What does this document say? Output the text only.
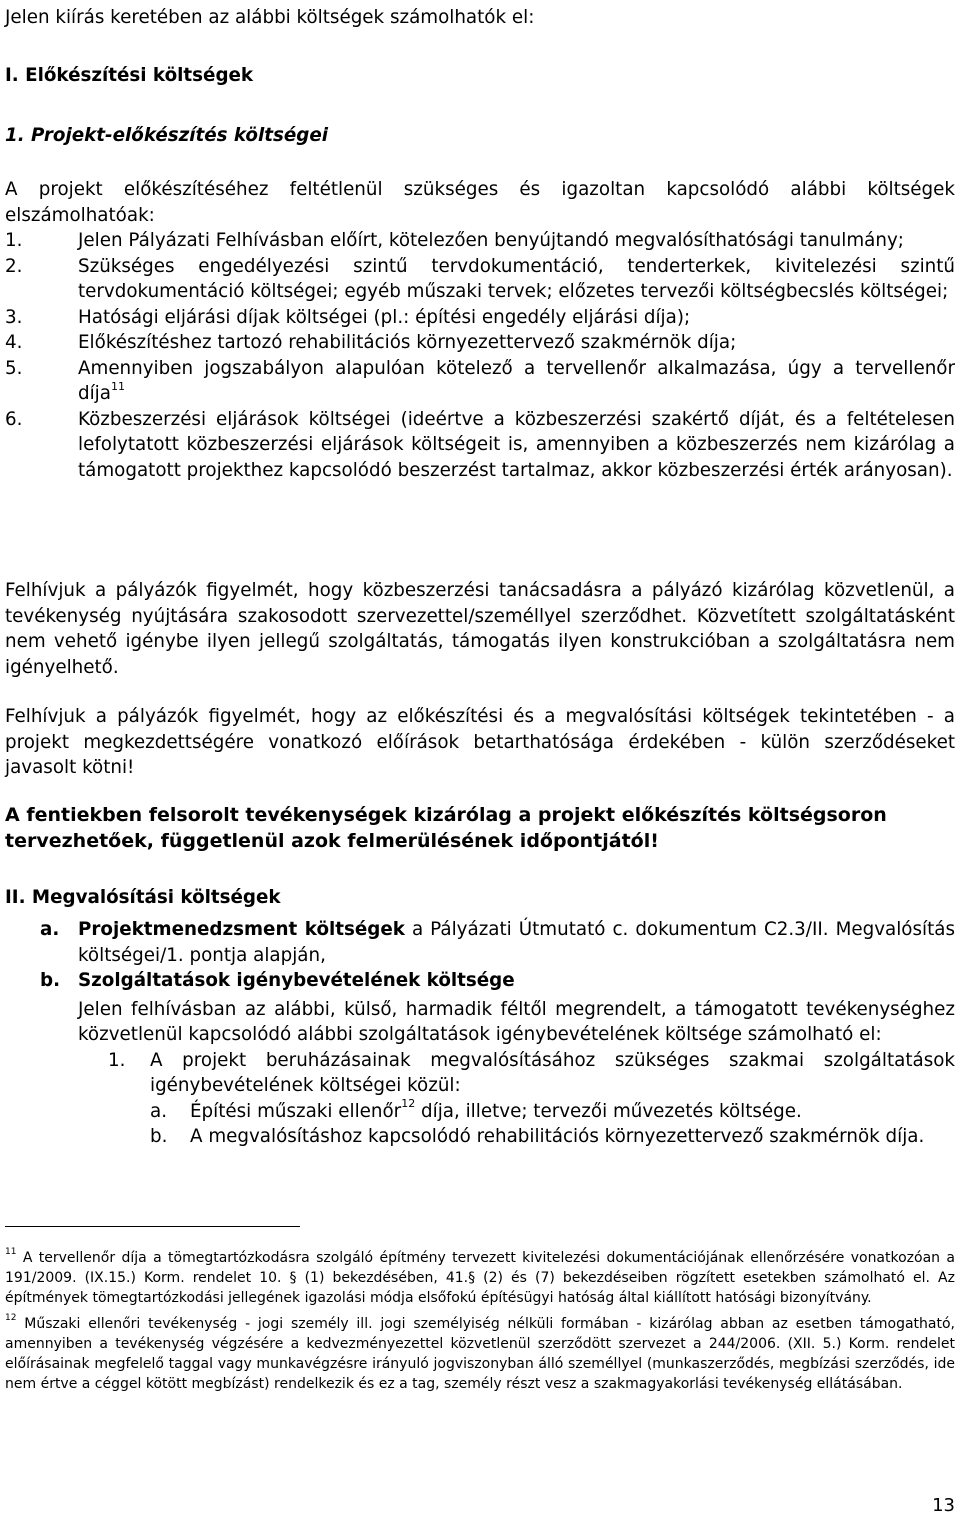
Jelen kiírás keretében az alábbi költségek számolhatók el:

I. Előkészítési költségek

1. Projekt-előkészítés költségei

A projekt előkészítéséhez feltétlenül szükséges és igazoltan kapcsolódó alábbi költségek elszámolhatóak:

1.	Jelen Pályázati Felhívásban előírt, kötelezően benyújtandó megvalósíthatósági tanulmány;
2.	Szükséges engedélyezési szintű tervdokumentáció, tenderterkek, kivitelezési szintű tervdokumentáció költségei; egyéb műszaki tervek; előzetes tervezői költségbecslés költségei;
3.	Hatósági eljárási díjak költségei (pl.: építési engedély eljárási díja);
4.	Előkészítéshez tartozó rehabilitációs környezettervező szakmérnök díja;
5.	Amennyiben jogszabályon alapulóan kötelező a tervellenőr alkalmazása, úgy a tervellenőr díja$^{11}$
6.	Közbeszerzési eljárások költségei (ideértve a közbeszerzési szakértő díját, és a feltételesen lefolytatott közbeszerzési eljárások költségeit is, amennyiben a közbeszerzés nem kizárólag a támogatott projekthez kapcsolódó beszerzést tartalmaz, akkor közbeszerzési érték arányosan).

Felhívjuk a pályázók figyelmét, hogy közbeszerzési tanácsadásra a pályázó kizárólag közvetlenül, a tevékenység nyújtására szakosodott szervezettel/személlyel szerződhet. Közvetített szolgáltatásként nem vehető igénybe ilyen jellegű szolgáltatás, támogatás ilyen konstrukcióban a szolgáltatásra nem igényelhető.

Felhívjuk a pályázók figyelmét, hogy az előkészítési és a megvalósítási költségek tekintetében - a projekt megkezdettségére vonatkozó előírások betarthatósága érdekében - külön szerződéseket javasolt kötni!

A fentiekben felsorolt tevékenységek kizárólag a projekt előkészítés költségsoron tervezhetőek, függetlenül azok felmerülésének időpontjától!

II. Megvalósítási költségek

a. Projektmenedzsment költségek a Pályázati Útmutató c. dokumentum C2.3/II. Megvalósítás költségei/1. pontja alapján,
b. Szolgáltatások igénybevételének költsége

Jelen felhívásban az alábbi, külső, harmadik féltől megrendelt, a támogatott tevékenységhez közvetlenül kapcsolódó alábbi szolgáltatások igénybevételének költsége számolható el:

1. A projekt beruházásainak megvalósításához szükséges szakmai szolgáltatások igénybevételének költségei közül:
a. Építési műszaki ellenőr$^{12}$ díja, illetve; tervezői művezetés költsége.
b. A megvalósításhoz kapcsolódó rehabilitációs környezettervező szakmérnök díja.

$^{11}$ A tervellenőr díja a tömegtartózkodásra szolgáló építmény tervezett kivitelezési dokumentációjának ellenőrzésére vonatkozóan a 191/2009. (IX.15.) Korm. rendelet 10. § (1) bekezdésében, 41.§ (2) és (7) bekezdéseiben rögzített esetekben számolható el. Az építmények tömegtartózkodási jellegének igazolási módja elsőfokú építésügyi hatóság által kiállított hatósági bizonyítvány.

$^{12}$ Műszaki ellenőri tevékenység - jogi személy ill. jogi személyiség nélküli formában - kizárólag abban az esetben támogatható, amennyiben a tevékenység végzésére a kedvezményezettel közvetlenül szerződött szervezet a 244/2006. (XII. 5.) Korm. rendelet előírásainak megfelelő taggal vagy munkavégzésre irányuló jogviszonyban álló személlyel (munkaszerződés, megbízási szerződés, ide nem értve a céggel kötött megbízást) rendelkezik és ez a tag, személy részt vesz a szakmagyakorlási tevékenység ellátásában.

13
